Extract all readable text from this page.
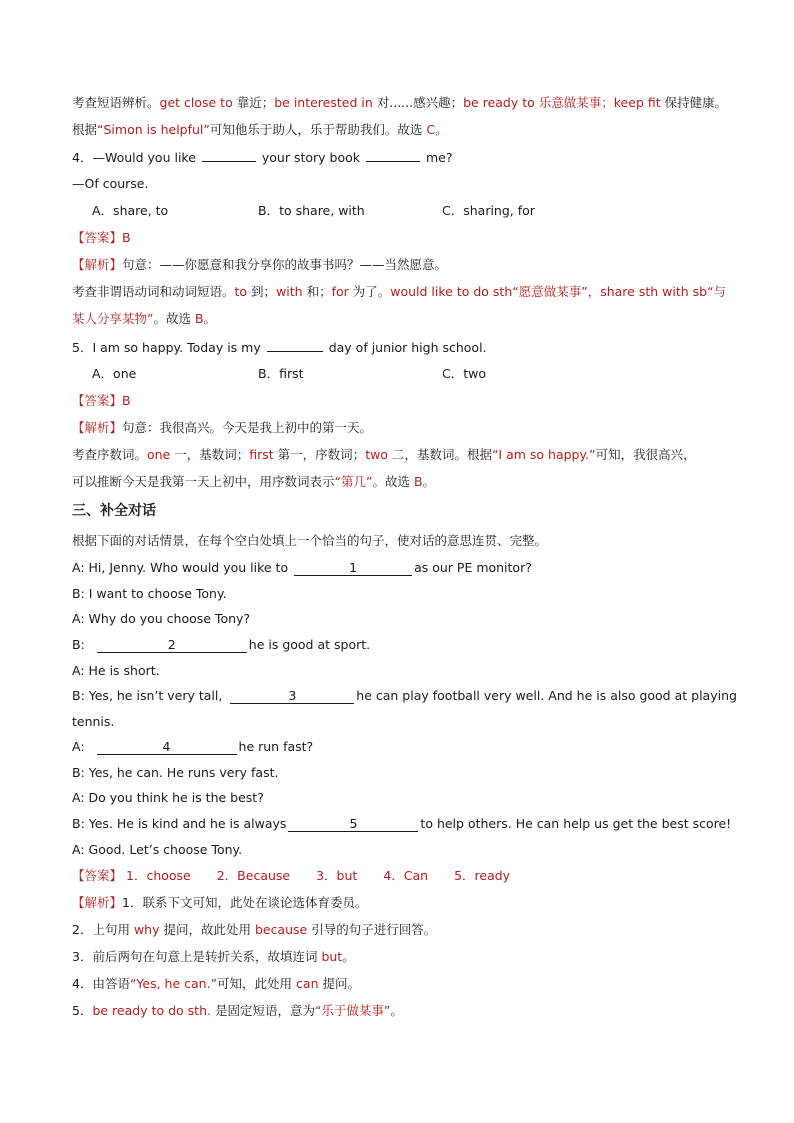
考查短语辨析。get close to 靠近；be interested in 对......感兴趣；be ready to 乐意做某事；keep fit 保持健康。
根据“Simon is helpful”可知他乐于助人，乐于帮助我们。故选 C。
4．—Would you like	your story book	me?
—Of course.
A．share, to	B．to share, with	C．sharing, for
【答案】B
【解析】句意：——你愿意和我分享你的故事书吗？——当然愿意。
考查非谓语动词和动词短语。to 到；with 和；for 为了。would like to do sth“愿意做某事”，share sth with sb“与
某人分享某物”。故选 B。
5．I am so happy. Today is my	day of junior high school.
A．one	B．first	C．two
【答案】B
【解析】句意：我很高兴。今天是我上初中的第一天。
考查序数词。one 一，基数词；first 第一，序数词；two 二，基数词。根据“I am so happy.”可知，我很高兴，
可以推断今天是我第一天上初中，用序数词表示“第几”。故选 B。
三、补全对话
根据下面的对话情景，在每个空白处填上一个恰当的句子，使对话的意思连贯、完整。
A: Hi, Jenny. Who would you like to	1	as our PE monitor?
B: I want to choose Tony.
A: Why do you choose Tony?
B:	2	he is good at sport.
A: He is short.
B: Yes, he isn’t very tall,	3	he can play football very well. And he is also good at playing
tennis.
A:	4	he run fast?
B: Yes, he can. He runs very fast.
A: Do you think he is the best?
B: Yes. He is kind and he is always	5	to help others. He can help us get the best score!
A: Good. Let’s choose Tony.
【答案】 1．choose 2．Because 3．but 4．Can 5．ready
【解析】1．联系下文可知，此处在谈论选体育委员。
2．上句用 why 提问，故此处用 because 引导的句子进行回答。
3．前后两句在句意上是转折关系，故填连词 but。
4．由答语“Yes, he can.”可知，此处用 can 提问。
5．be ready to do sth. 是固定短语，意为“乐于做某事”。
